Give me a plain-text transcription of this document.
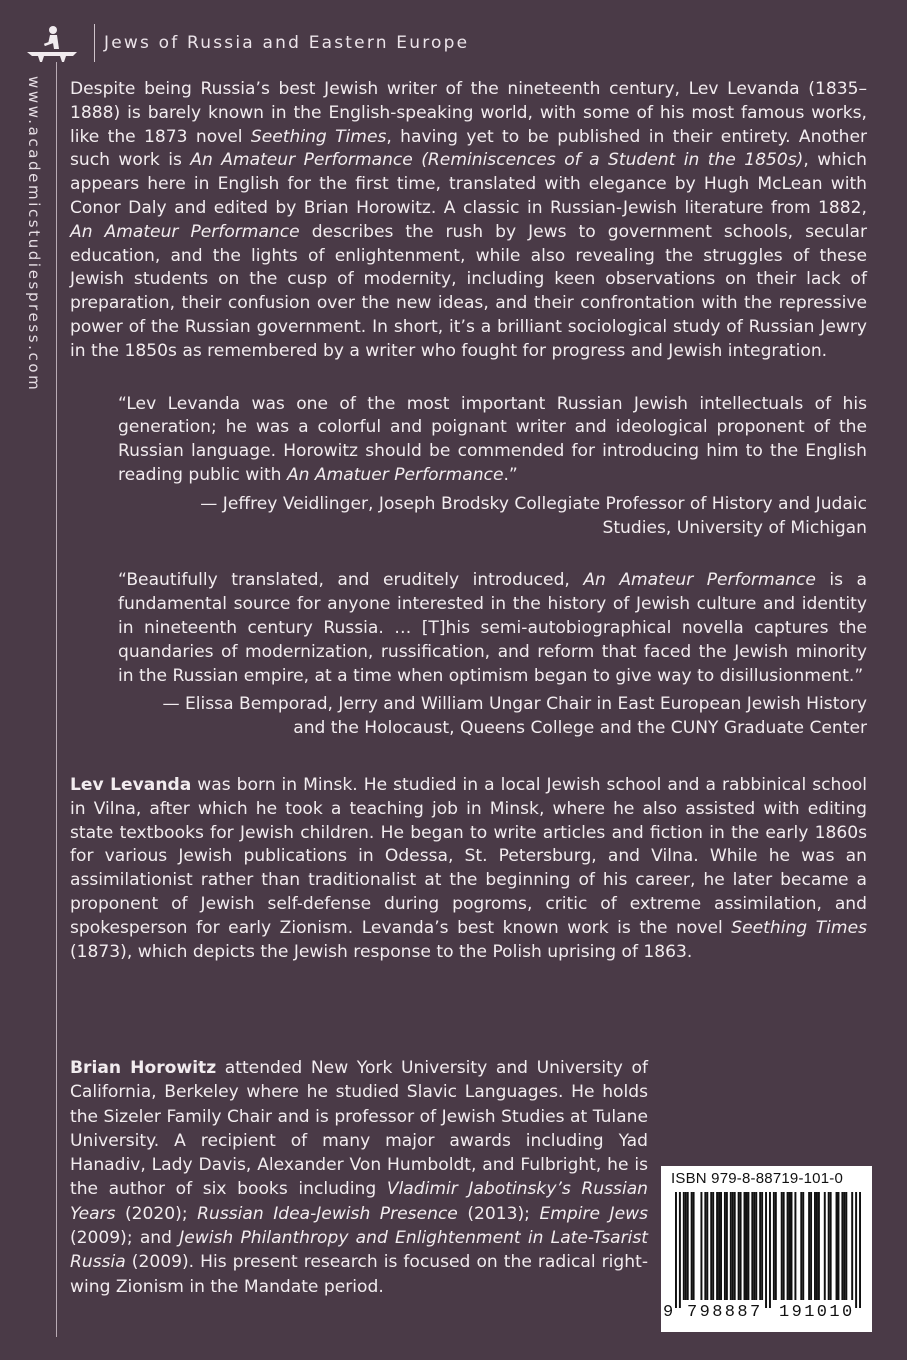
Jews of Russia and Eastern Europe
www.academicstudiespress.com Despite being Russia’s best Jewish writer of the nineteenth century, Lev Levanda (1835–1888) is barely known in the English-speaking world, with some of his most famous works, like the 1873 novel Seething Times, having yet to be published in their entirety. Another such work is An Amateur Performance (Reminiscences of a Student in the 1850s), which appears here in English for the first time, translated with elegance by Hugh McLean with Conor Daly and edited by Brian Horowitz. A classic in Russian-Jewish literature from 1882, An Amateur Performance describes the rush by Jews to government schools, secular education, and the lights of enlightenment, while also revealing the struggles of these Jewish students on the cusp of modernity, including keen observations on their lack of preparation, their confusion over the new ideas, and their confrontation with the repressive power of the Russian government. In short, it’s a brilliant sociological study of Russian Jewry in the 1850s as remembered by a writer who fought for progress and Jewish integration.

“Lev Levanda was one of the most important Russian Jewish intellectuals of his generation; he was a colorful and poignant writer and ideological proponent of the Russian language. Horowitz should be commended for introducing him to the English reading public with An Amatuer Performance.”

— Jeffrey Veidlinger, Joseph Brodsky Collegiate Professor of History and Judaic
Studies, University of Michigan

“Beautifully translated, and eruditely introduced, An Amateur Performance is a fundamental source for anyone interested in the history of Jewish culture and identity in nineteenth century Russia. … [T]his semi-autobiographical novella captures the quandaries of modernization, russification, and reform that faced the Jewish minority in the Russian empire, at a time when optimism began to give way to disillusionment.”

— Elissa Bemporad, Jerry and William Ungar Chair in East European Jewish History
and the Holocaust, Queens College and the CUNY Graduate Center

Lev Levanda was born in Minsk. He studied in a local Jewish school and a rabbinical school in Vilna, after which he took a teaching job in Minsk, where he also assisted with editing state textbooks for Jewish children. He began to write articles and fiction in the early 1860s for various Jewish publications in Odessa, St. Petersburg, and Vilna. While he was an assimilationist rather than traditionalist at the beginning of his career, he later became a proponent of Jewish self-defense during pogroms, critic of extreme assimilation, and spokesperson for early Zionism. Levanda’s best known work is the novel Seething Times (1873), which depicts the Jewish response to the Polish uprising of 1863.

Brian Horowitz attended New York University and University of California, Berkeley where he studied Slavic Languages. He holds the Sizeler Family Chair and is professor of Jewish Studies at Tulane University. A recipient of many major awards including Yad Hanadiv, Lady Davis, Alexander Von Humboldt, and Fulbright, he is the author of six books including Vladimir Jabotinsky’s Russian Years (2020); Russian Idea-Jewish Presence (2013); Empire Jews (2009); and Jewish Philanthropy and Enlightenment in Late-Tsarist Russia (2009). His present research is focused on the radical right-wing Zionism in the Mandate period.

ISBN 979-8-88719-101-0
9 798887 191010
